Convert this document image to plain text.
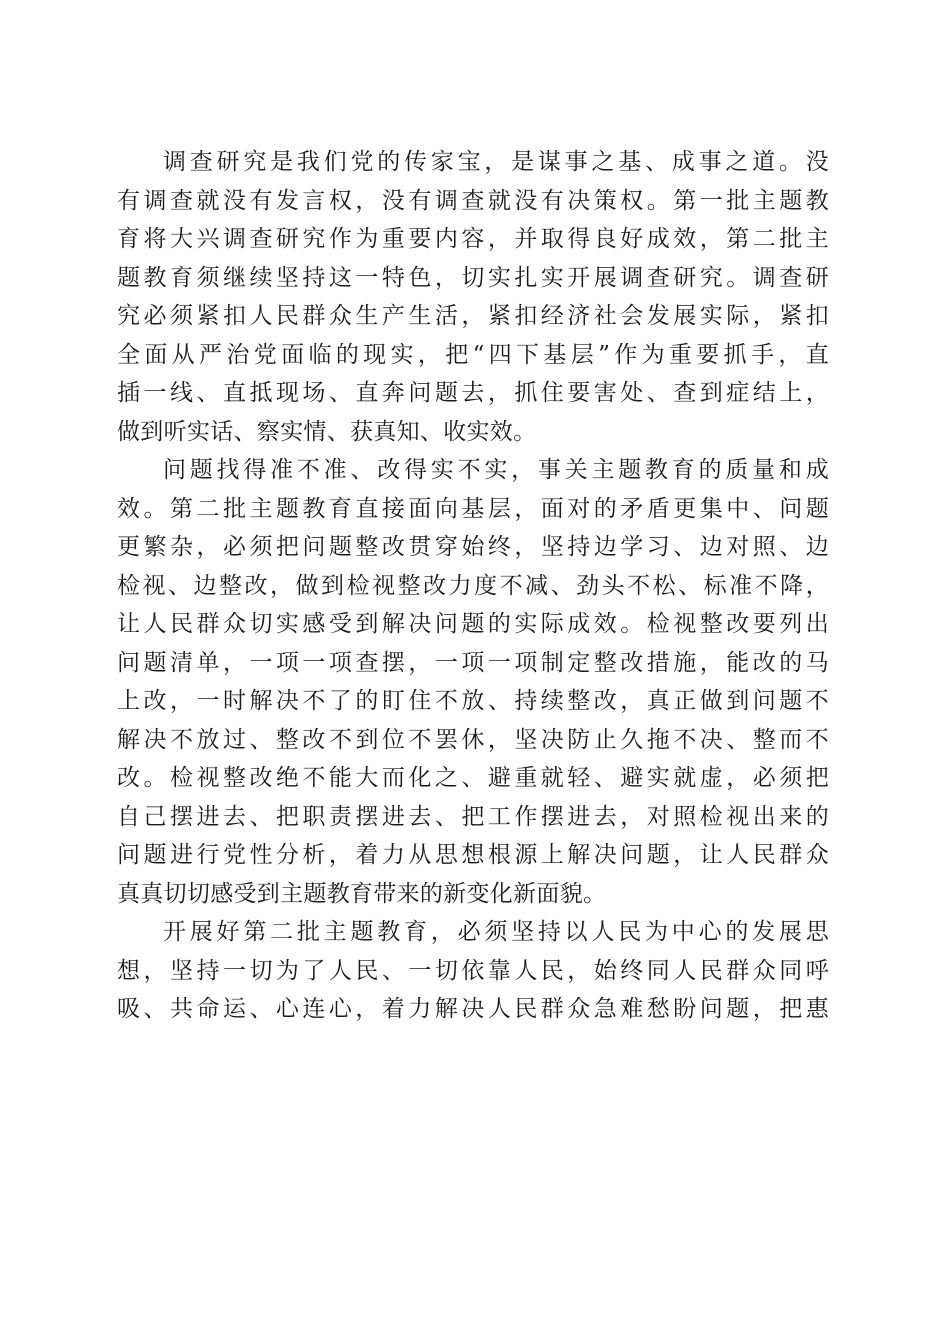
调查研究是我们党的传家宝，是谋事之基、成事之道。没
有调查就没有发言权，没有调查就没有决策权。第一批主题教
育将大兴调查研究作为重要内容，并取得良好成效，第二批主
题教育须继续坚持这一特色，切实扎实开展调查研究。调查研
究必须紧扣人民群众生产生活，紧扣经济社会发展实际，紧扣
全面从严治党面临的现实，把“四下基层”作为重要抓手，直
插一线、直抵现场、直奔问题去，抓住要害处、查到症结上，
做到听实话、察实情、获真知、收实效。

问题找得准不准、改得实不实，事关主题教育的质量和成
效。第二批主题教育直接面向基层，面对的矛盾更集中、问题
更繁杂，必须把问题整改贯穿始终，坚持边学习、边对照、边
检视、边整改，做到检视整改力度不减、劲头不松、标准不降，
让人民群众切实感受到解决问题的实际成效。检视整改要列出
问题清单，一项一项查摆，一项一项制定整改措施，能改的马
上改，一时解决不了的盯住不放、持续整改，真正做到问题不
解决不放过、整改不到位不罢休，坚决防止久拖不决、整而不
改。检视整改绝不能大而化之、避重就轻、避实就虚，必须把
自己摆进去、把职责摆进去、把工作摆进去，对照检视出来的
问题进行党性分析，着力从思想根源上解决问题，让人民群众
真真切切感受到主题教育带来的新变化新面貌。

开展好第二批主题教育，必须坚持以人民为中心的发展思
想，坚持一切为了人民、一切依靠人民，始终同人民群众同呼
吸、共命运、心连心，着力解决人民群众急难愁盼问题，把惠
